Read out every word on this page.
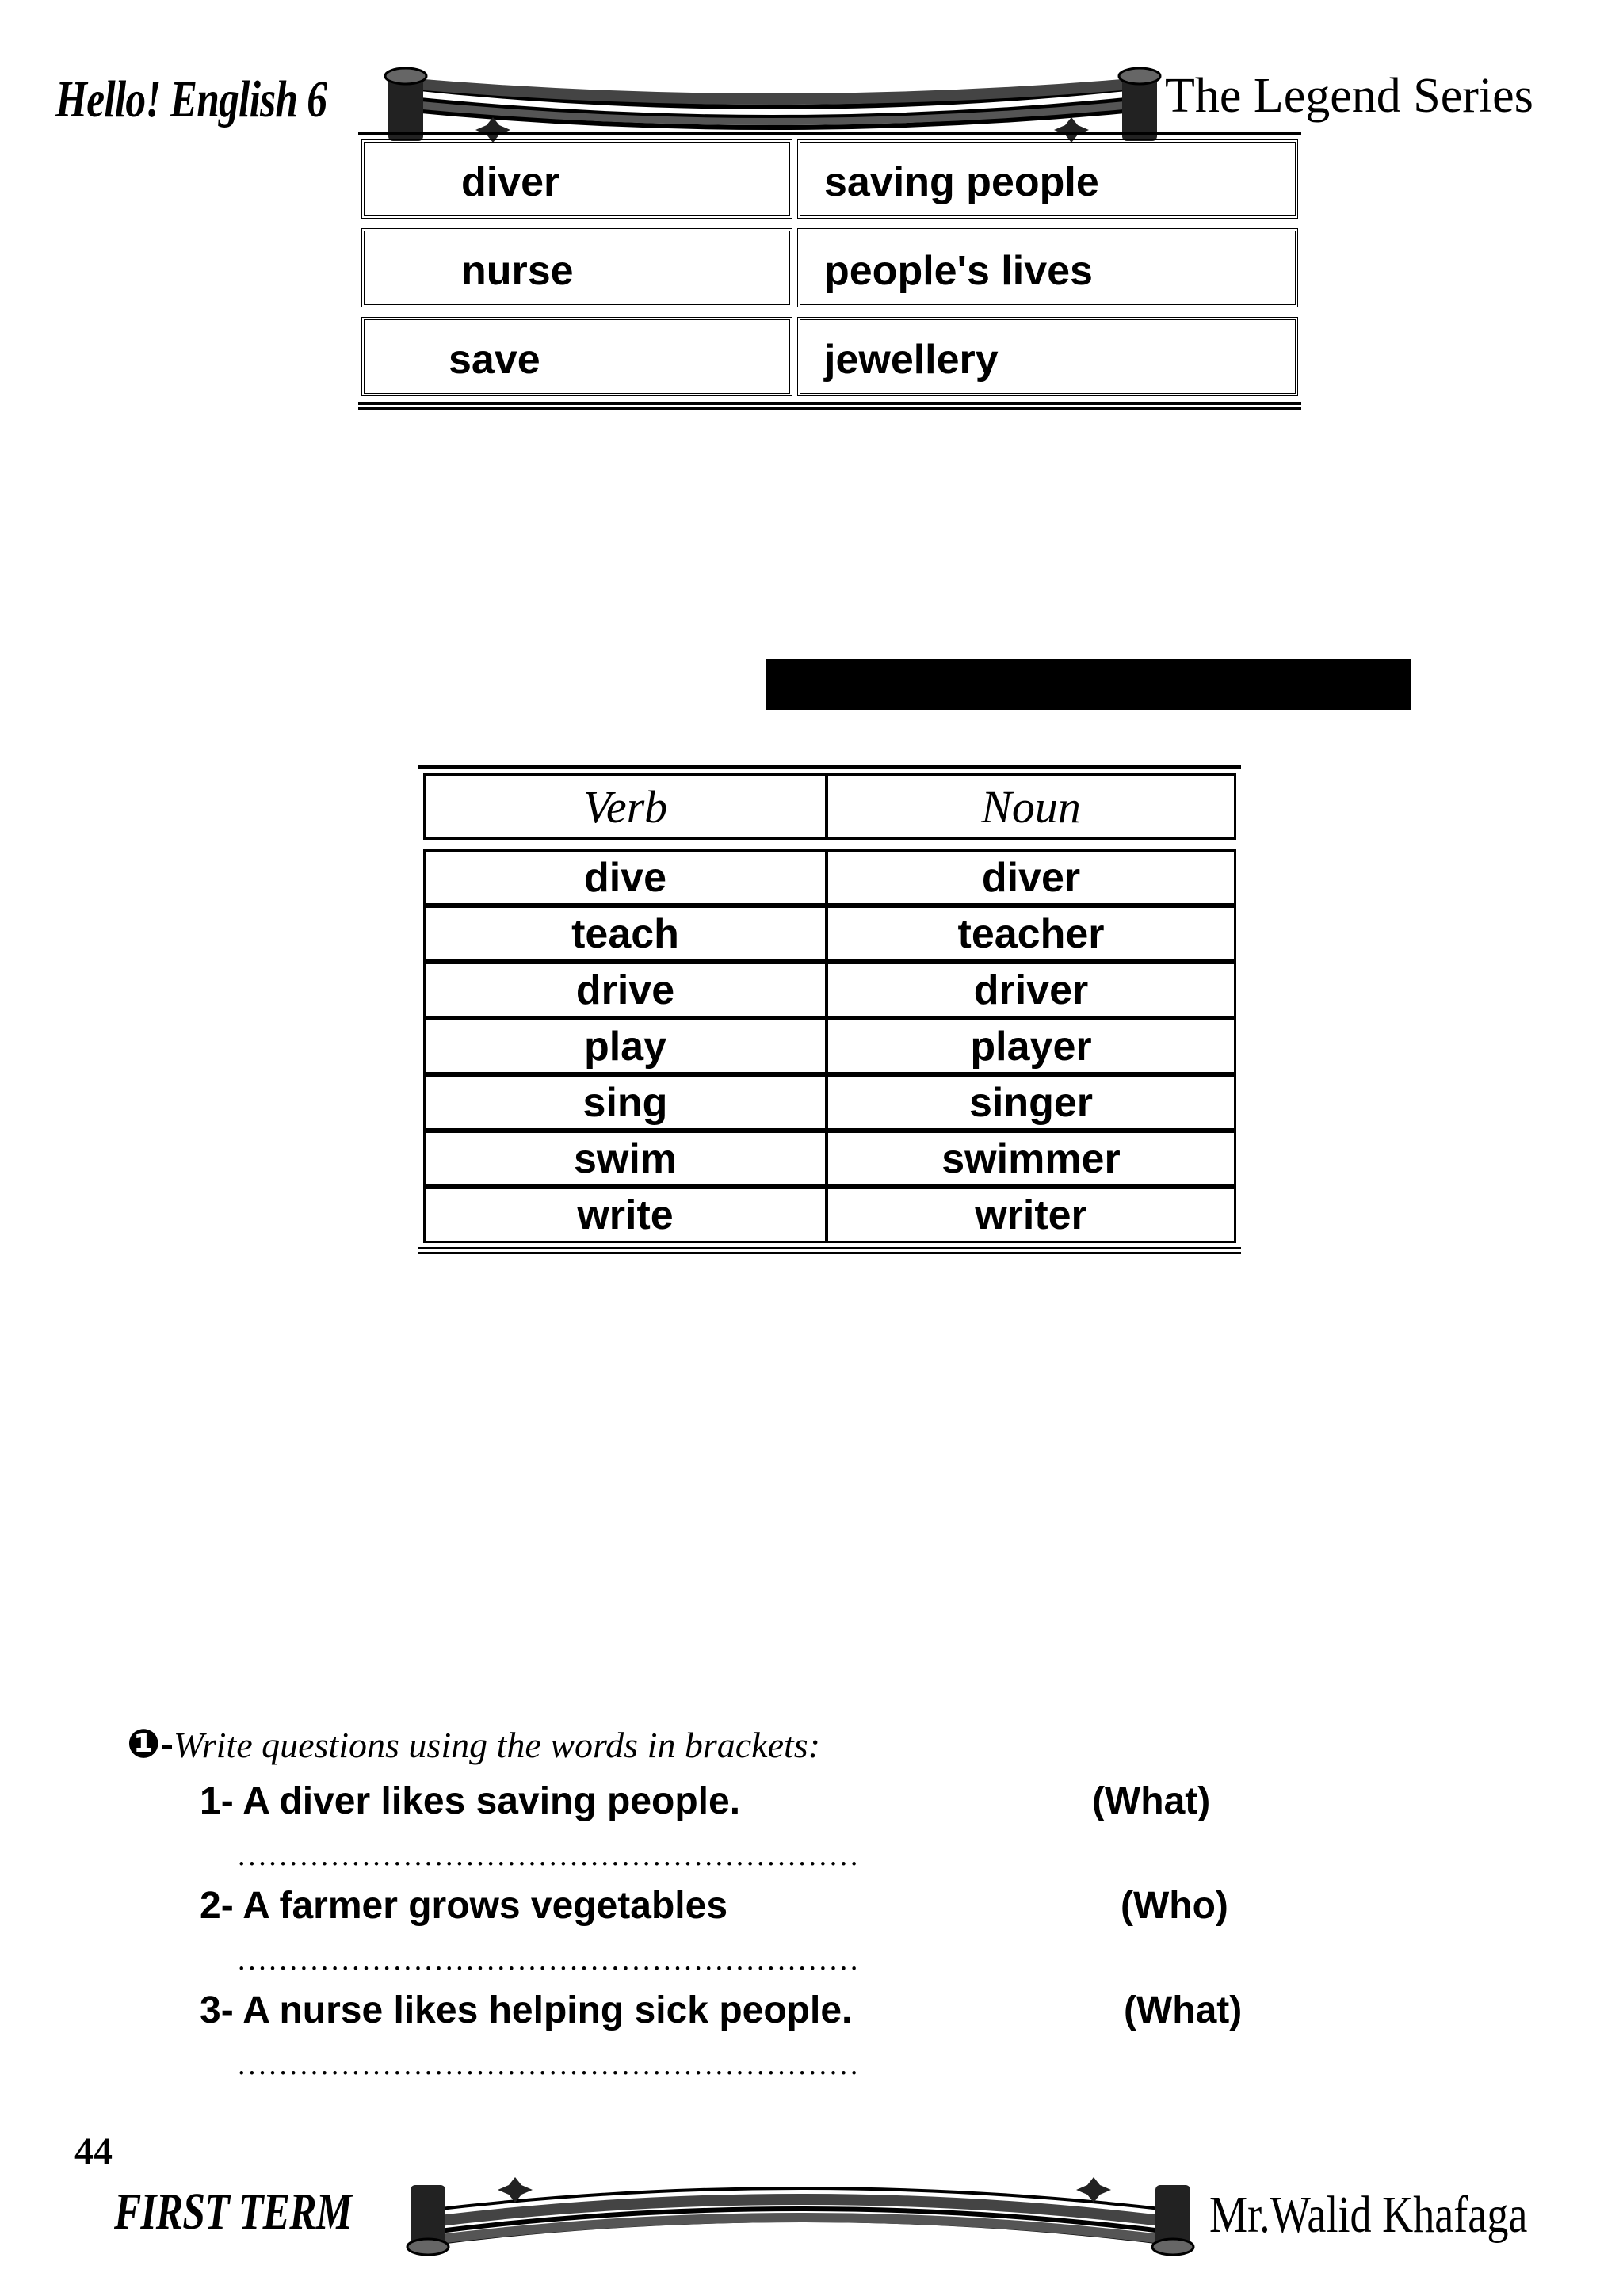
Hello! English 6	The Legend Series
diver	saving people
nurse	people's lives
save	jewellery
Verb	Noun
dive	diver
teach	teacher
drive	driver
play	player
sing	singer
swim	swimmer
write	writer
❶-Write questions using the words in brackets:
1- A diver likes saving people.	(What)
............................................................
2- A farmer grows vegetables	(Who)
............................................................
3- A nurse likes helping sick people.	(What)
............................................................
44
FIRST TERM	Mr.Walid Khafaga
